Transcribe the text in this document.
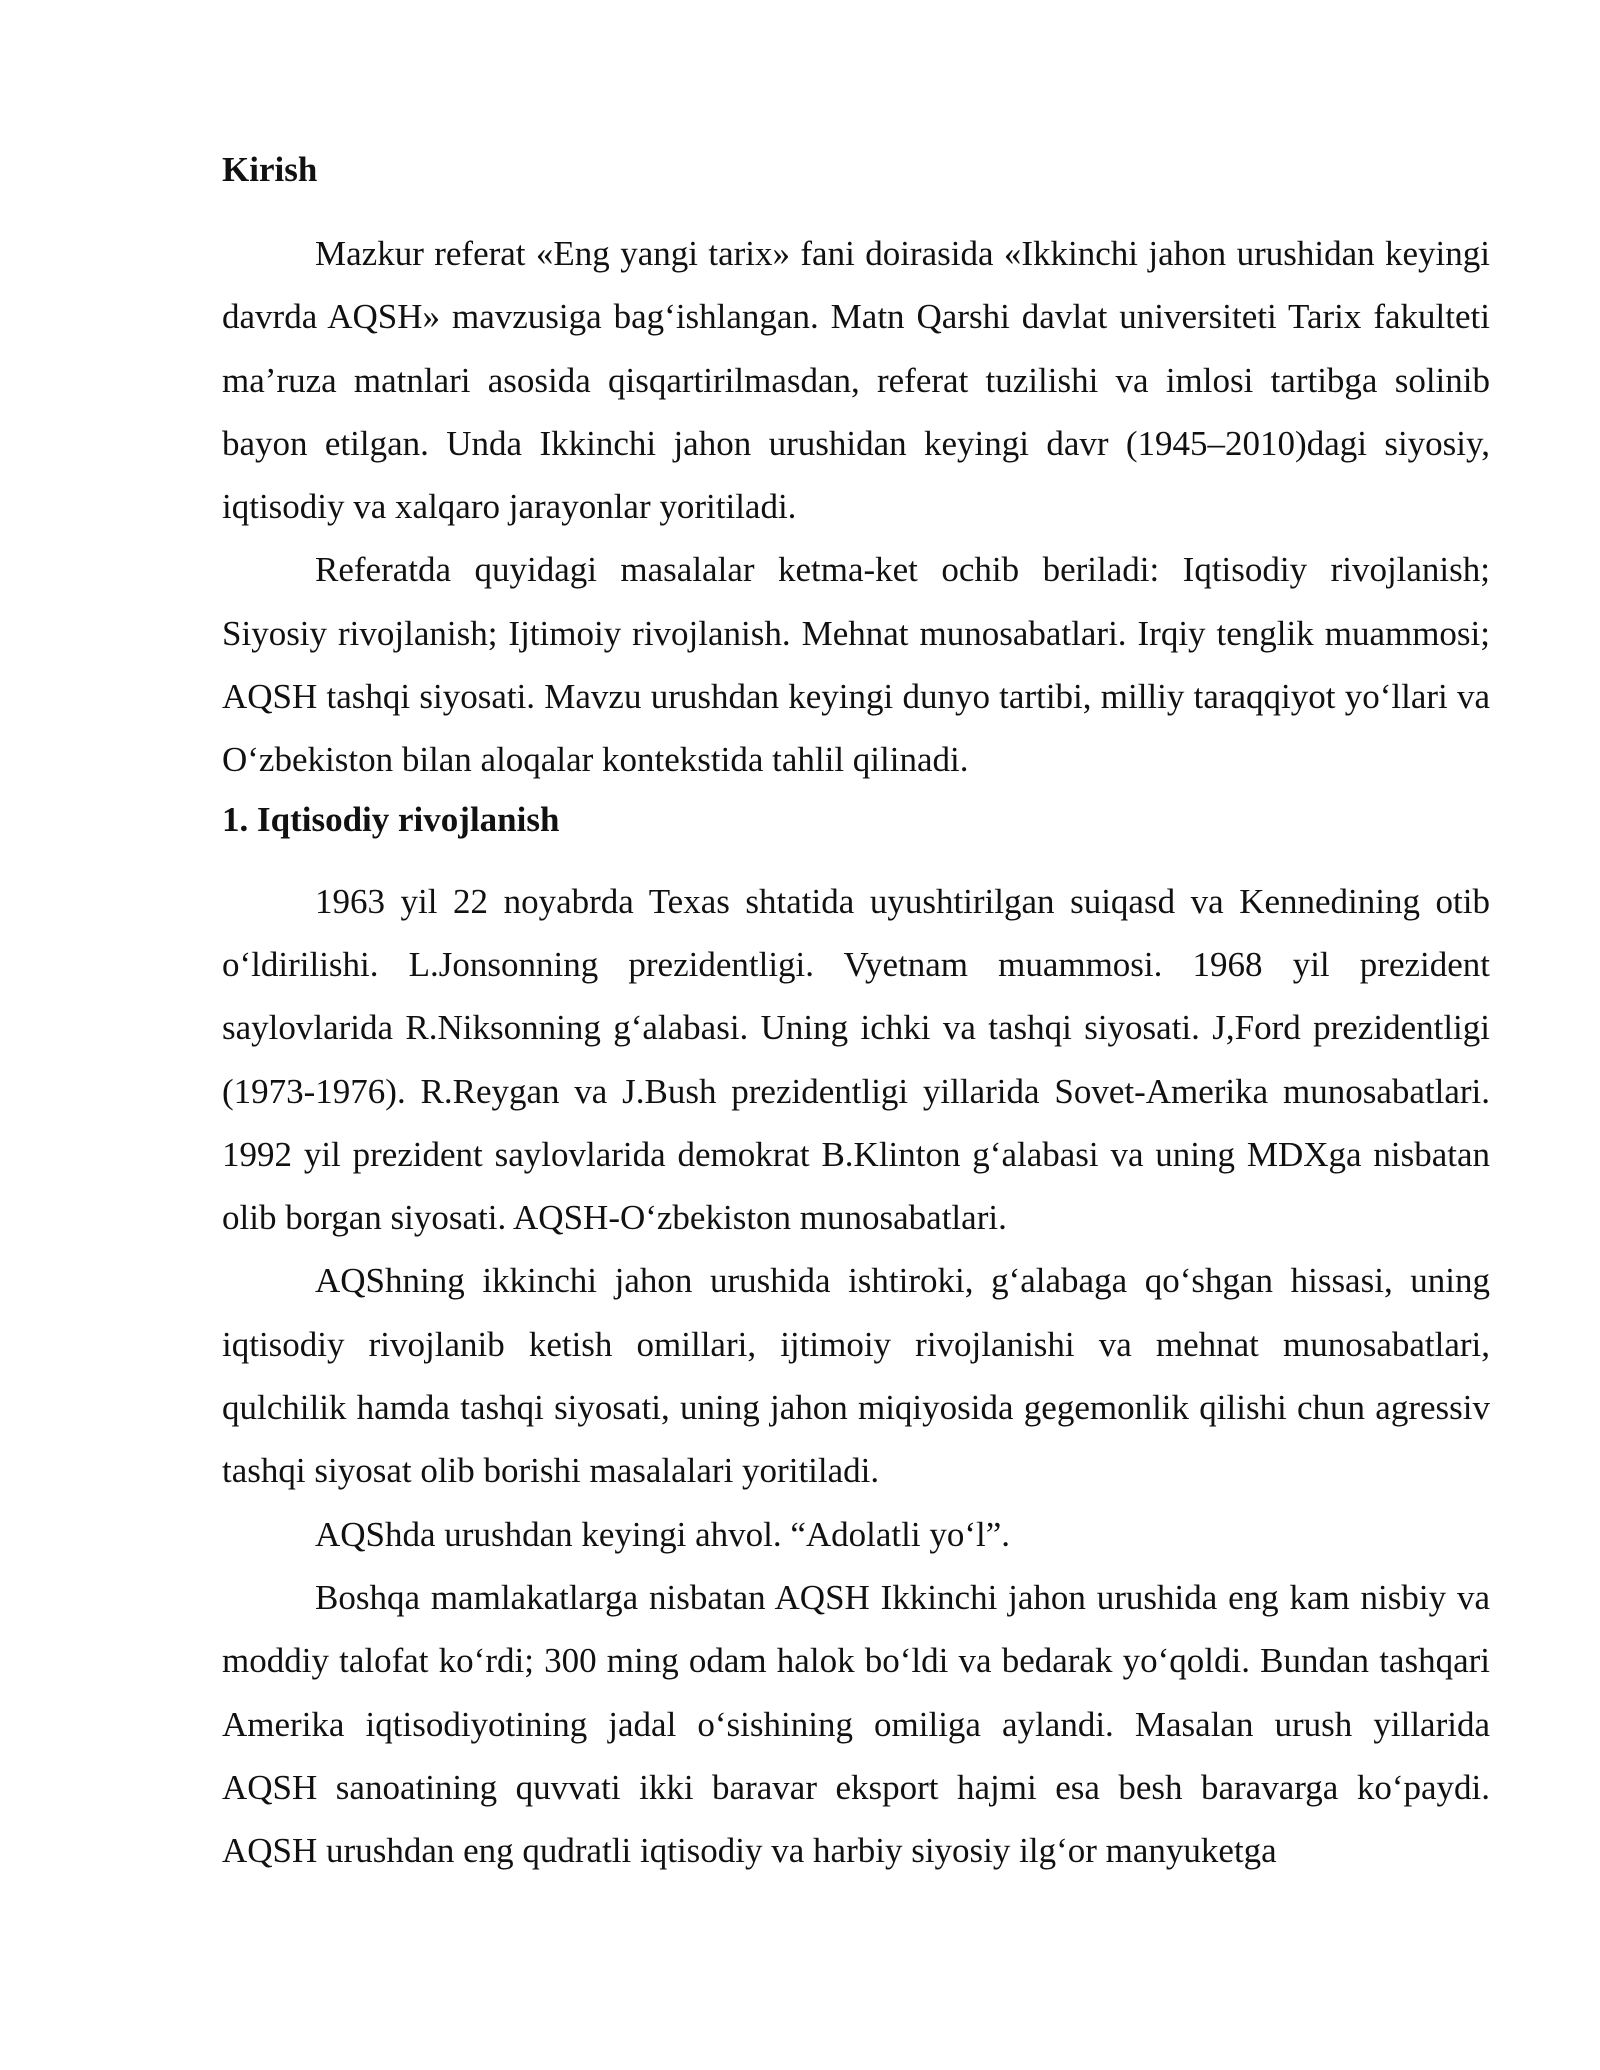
Kirish

Mazkur referat «Eng yangi tarix» fani doirasida «Ikkinchi jahon urushidan keyingi davrda AQSH» mavzusiga bag‘ishlangan. Matn Qarshi davlat universiteti Tarix fakulteti ma’ruza matnlari asosida qisqartirilmasdan, referat tuzilishi va imlosi tartibga solinib bayon etilgan. Unda Ikkinchi jahon urushidan keyingi davr (1945–2010)dagi siyosiy, iqtisodiy va xalqaro jarayonlar yoritiladi.

Referatda quyidagi masalalar ketma-ket ochib beriladi: Iqtisodiy rivojlanish; Siyosiy rivojlanish; Ijtimoiy rivojlanish. Mehnat munosabatlari. Irqiy tenglik muammosi; AQSH tashqi siyosati. Mavzu urushdan keyingi dunyo tartibi, milliy taraqqiyot yo‘llari va O‘zbekiston bilan aloqalar kontekstida tahlil qilinadi.

1. Iqtisodiy rivojlanish

1963 yil 22 noyabrda Texas shtatida uyushtirilgan suiqasd va Kennedining otib o‘ldirilishi. L.Jonsonning prezidentligi. Vyetnam muammosi. 1968 yil prezident saylovlarida R.Niksonning g‘alabasi. Uning ichki va tashqi siyosati. J,Ford prezidentligi (1973-1976). R.Reygan va J.Bush prezidentligi yillarida Sovet-Amerika munosabatlari. 1992 yil prezident saylovlarida demokrat B.Klinton g‘alabasi va uning MDXga nisbatan olib borgan siyosati. AQSH-O‘zbekiston munosabatlari.

AQShning ikkinchi jahon urushida ishtiroki, g‘alabaga qo‘shgan hissasi, uning iqtisodiy rivojlanib ketish omillari, ijtimoiy rivojlanishi va mehnat munosabatlari, qulchilik hamda tashqi siyosati, uning jahon miqiyosida gegemonlik qilishi chun agressiv tashqi siyosat olib borishi masalalari yoritiladi.

AQShda urushdan keyingi ahvol. “Adolatli yo‘l”.

Boshqa mamlakatlarga nisbatan AQSH Ikkinchi jahon urushida eng kam nisbiy va moddiy talofat ko‘rdi; 300 ming odam halok bo‘ldi va bedarak yo‘qoldi. Bundan tashqari Amerika iqtisodiyotining jadal o‘sishining omiliga aylandi. Masalan urush yillarida AQSH sanoatining quvvati ikki baravar eksport hajmi esa besh baravarga ko‘paydi. AQSH urushdan eng qudratli iqtisodiy va harbiy siyosiy ilg‘or manyuketga
